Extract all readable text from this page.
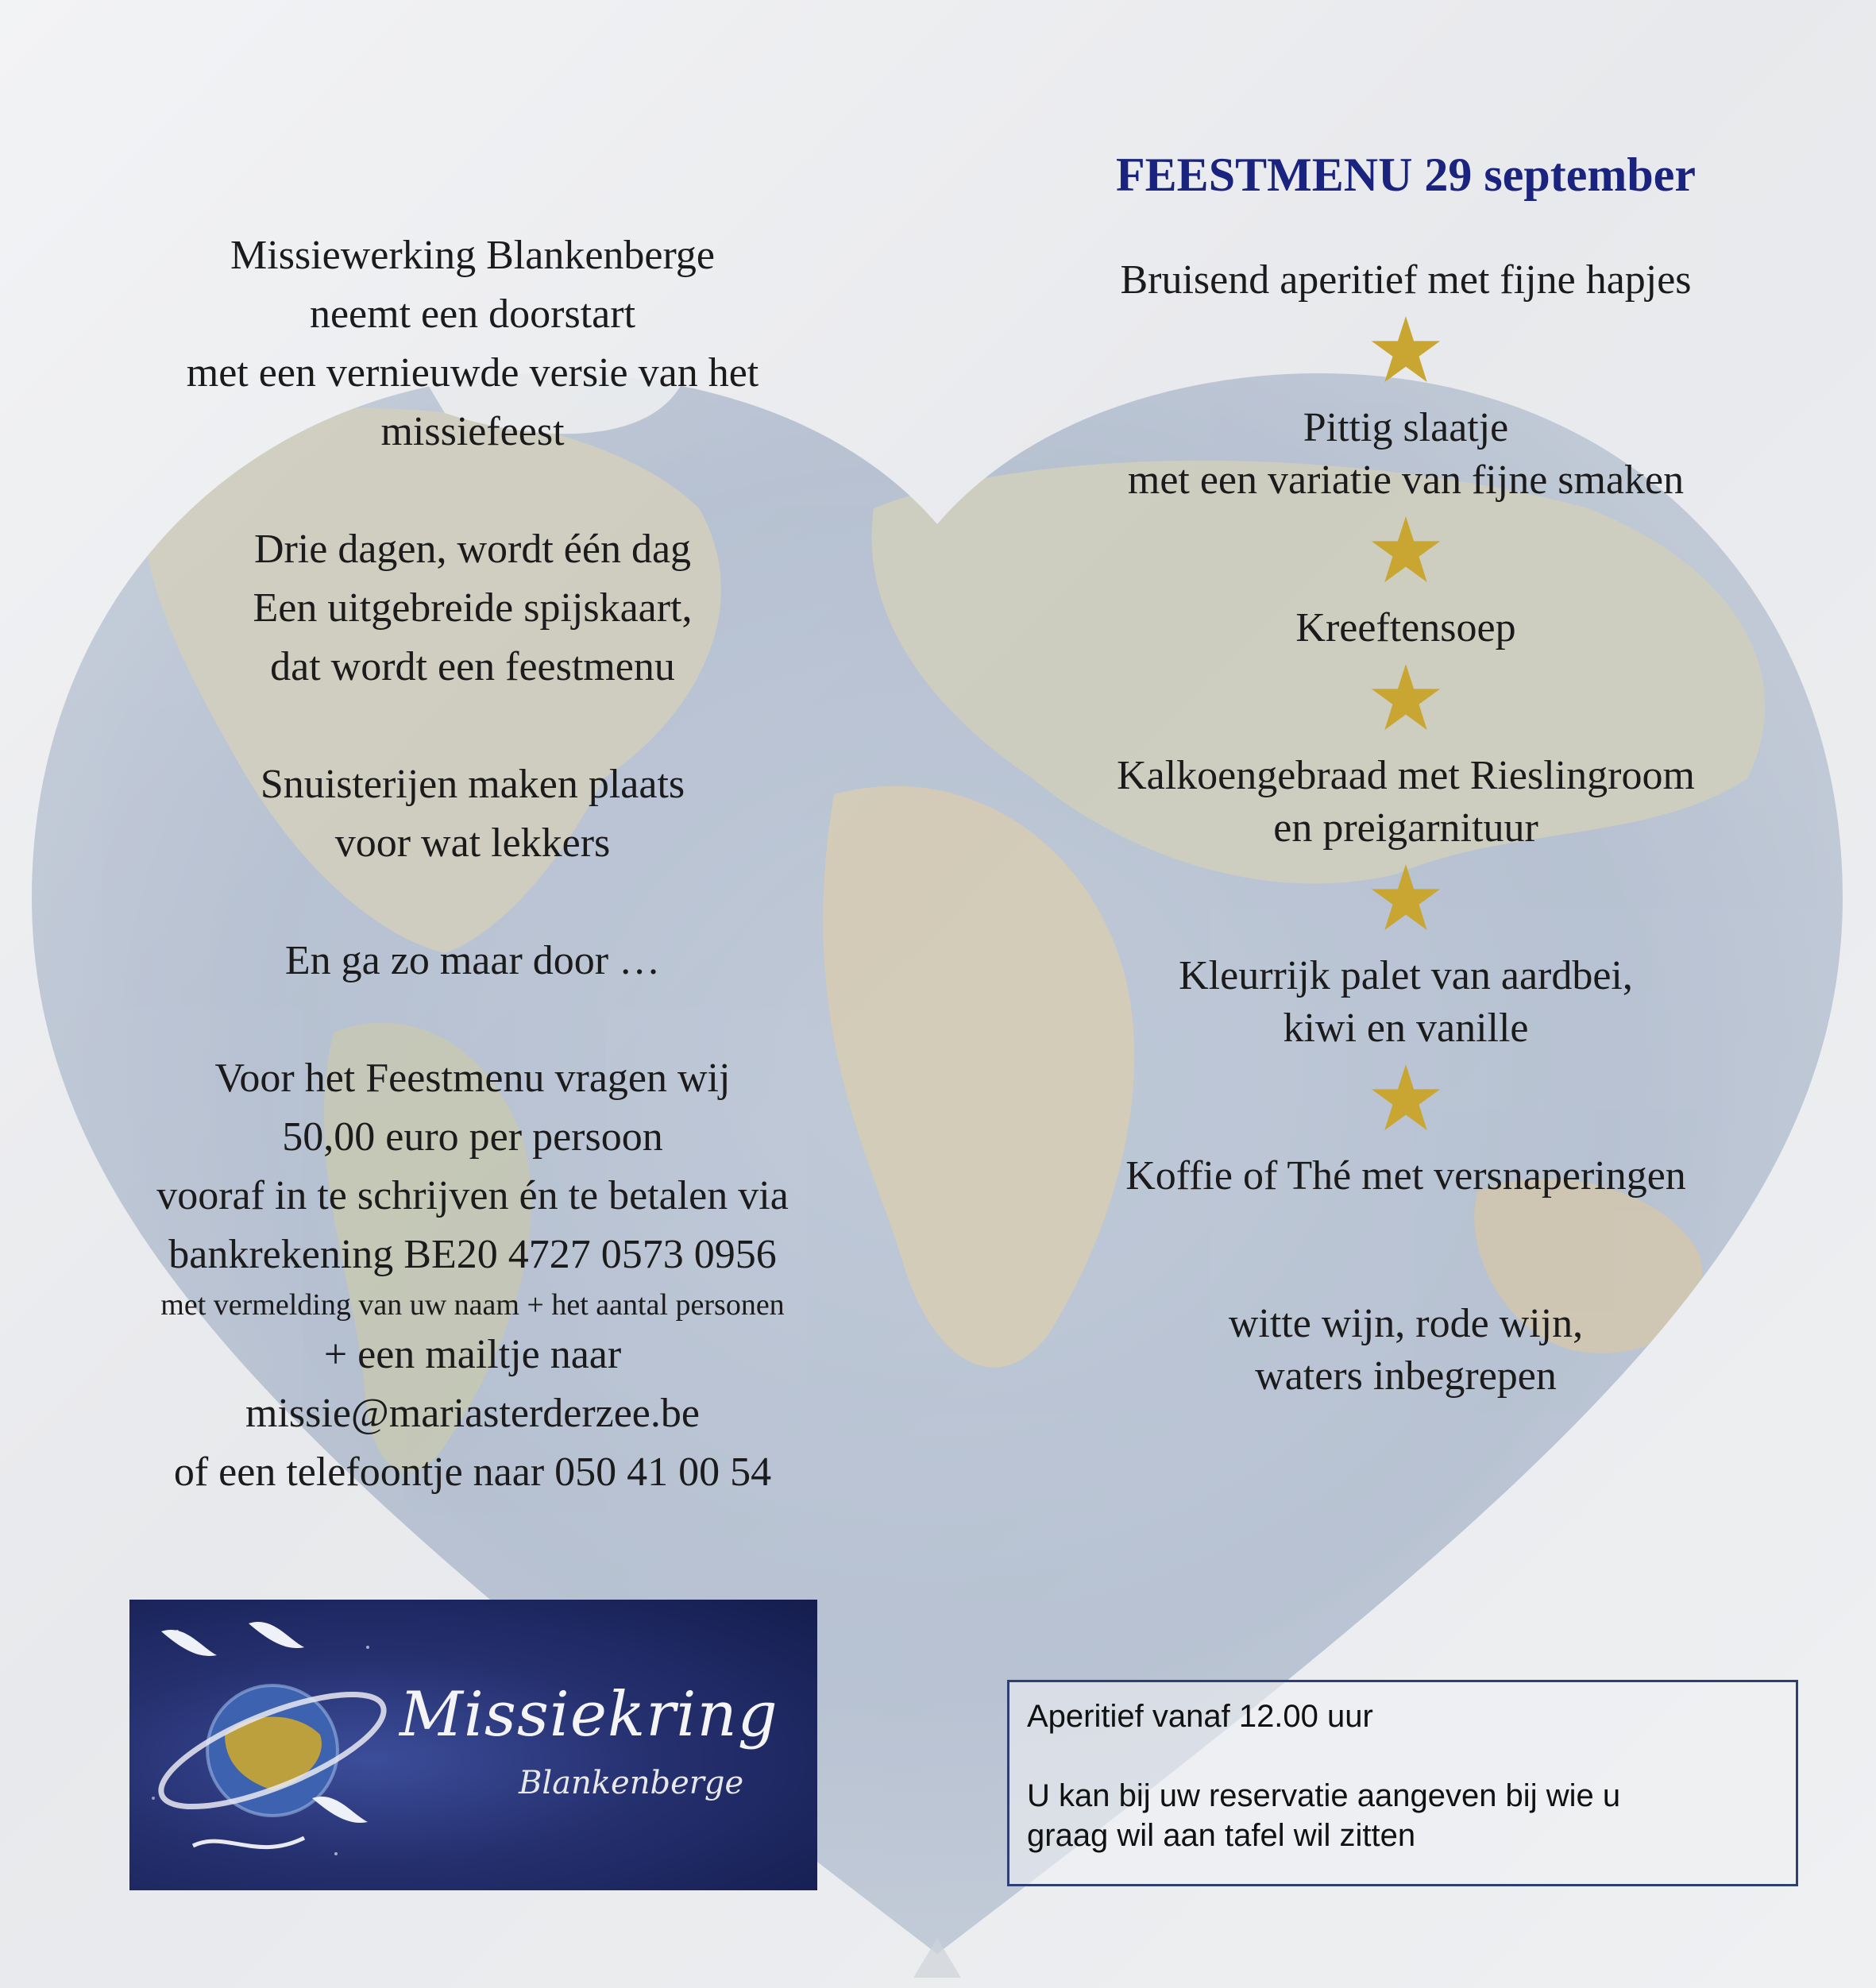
Missiewerking Blankenberge

neemt een doorstart

met een vernieuwde versie van het

missiefeest

Drie dagen, wordt één dag

Een uitgebreide spijskaart,

dat wordt een feestmenu

Snuisterijen maken plaats

voor wat lekkers

En ga zo maar door …

Voor het Feestmenu vragen wij

50,00 euro per persoon

vooraf in te schrijven én te betalen via

bankrekening BE20 4727 0573 0956

met vermelding van uw naam + het aantal personen

+ een mailtje naar

missie@mariasterderzee.be

of een telefoontje naar 050 41 00 54

FEESTMENU 29 september

Bruisend aperitief met fijne hapjes

Pittig slaatje

met een variatie van fijne smaken

Kreeftensoep

Kalkoengebraad met Rieslingroom

en preigarnituur

Kleurrijk palet van aardbei,

kiwi en vanille

Koffie of Thé met versnaperingen

witte wijn, rode wijn,

waters inbegrepen

Missiekring
Blankenberge

Aperitief vanaf 12.00 uur

U kan bij uw reservatie aangeven bij wie u

graag wil aan tafel wil zitten
